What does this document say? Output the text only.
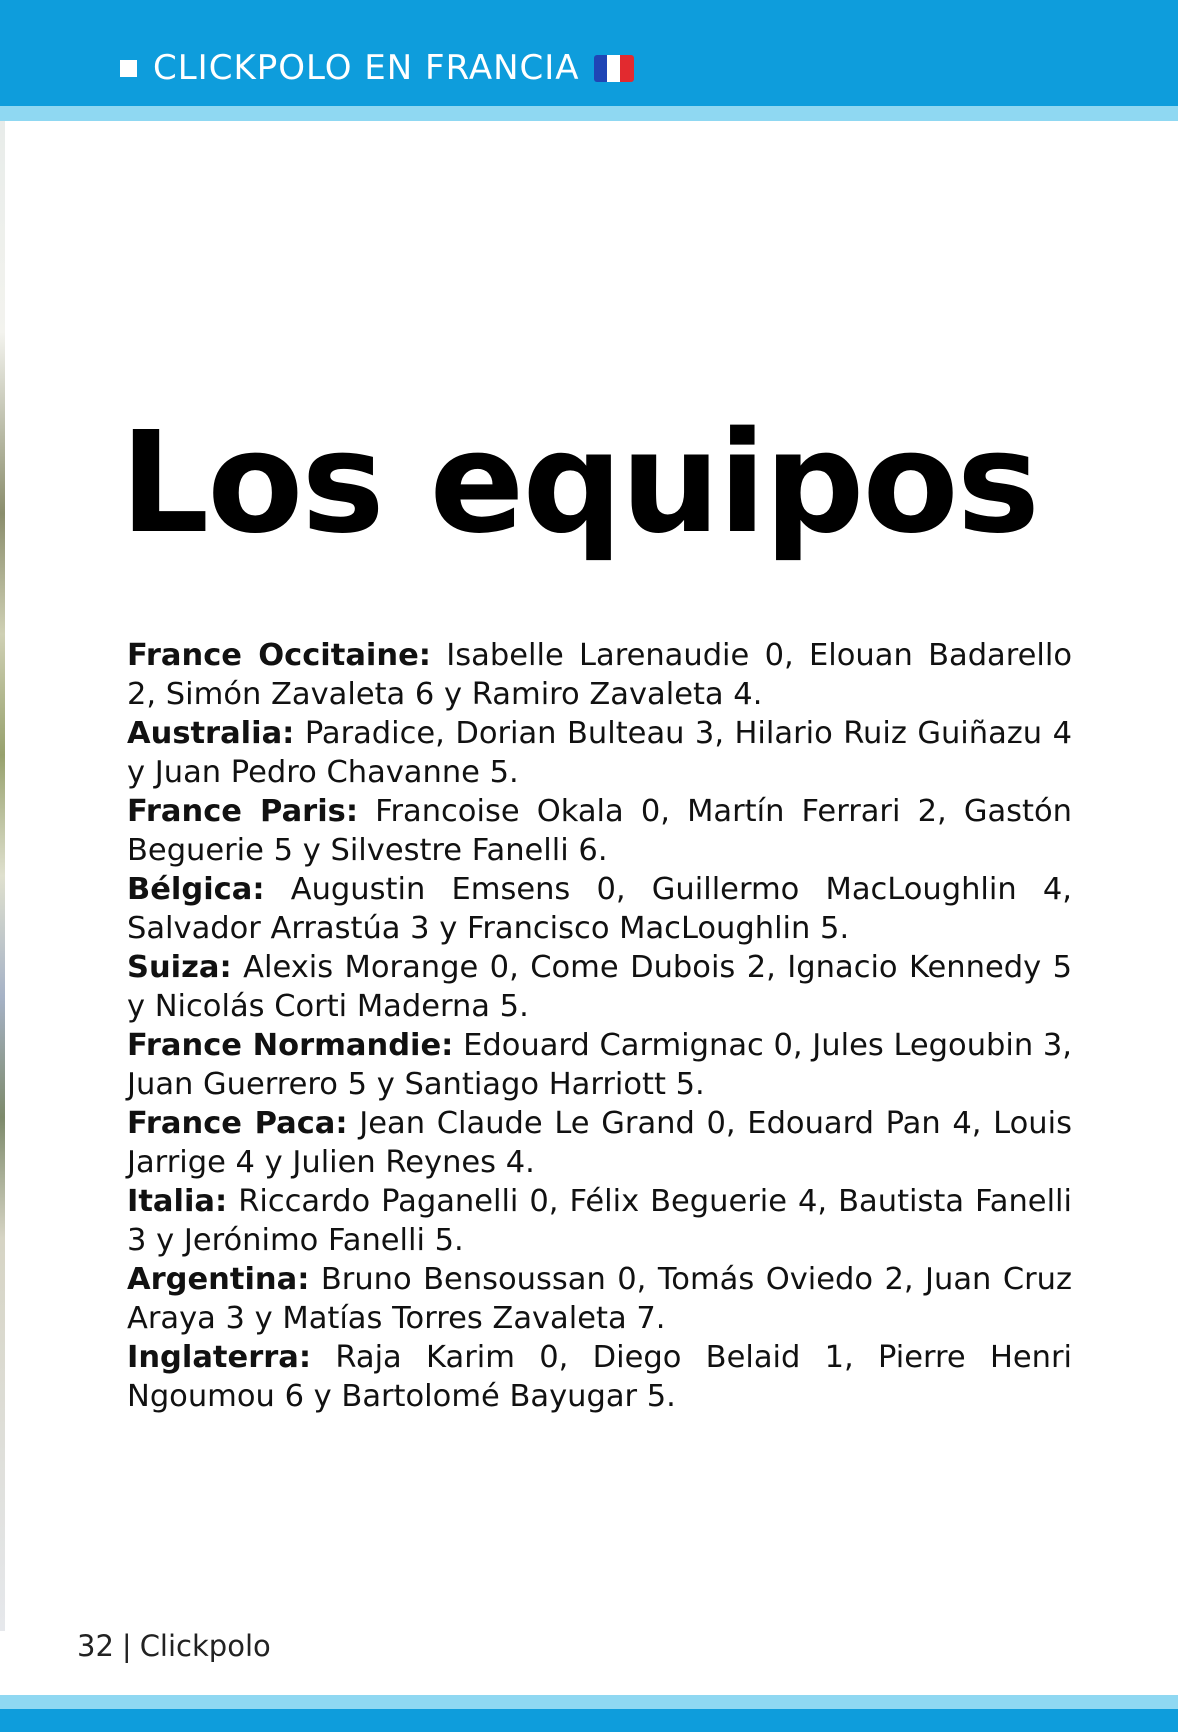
CLICKPOLO EN FRANCIA
Los equipos

France Occitaine: Isabelle Larenaudie 0, Elouan Badarello 2, Simón Zavaleta 6 y Ramiro Zavaleta 4.

Australia: Paradice, Dorian Bulteau 3, Hilario Ruiz Guiñazu 4 y Juan Pedro Chavanne 5.

France Paris: Francoise Okala 0, Martín Ferrari 2, Gastón Beguerie 5 y Silvestre Fanelli 6.

Bélgica: Augustin Emsens 0, Guillermo MacLoughlin 4, Salvador Arrastúa 3 y Francisco MacLoughlin 5.

Suiza: Alexis Morange 0, Come Dubois 2, Ignacio Kennedy 5 y Nicolás Corti Maderna 5.

France Normandie: Edouard Carmignac 0, Jules Legoubin 3, Juan Guerrero 5 y Santiago Harriott 5.

France Paca: Jean Claude Le Grand 0, Edouard Pan 4, Louis Jarrige 4 y Julien Reynes 4.

Italia: Riccardo Paganelli 0, Félix Beguerie 4, Bautista Fanelli 3 y Jerónimo Fanelli 5.

Argentina: Bruno Bensoussan 0, Tomás Oviedo 2, Juan Cruz Araya 3 y Matías Torres Zavaleta 7.

Inglaterra: Raja Karim 0, Diego Belaid 1, Pierre Henri Ngoumou 6 y Bartolomé Bayugar 5.

32 | Clickpolo
